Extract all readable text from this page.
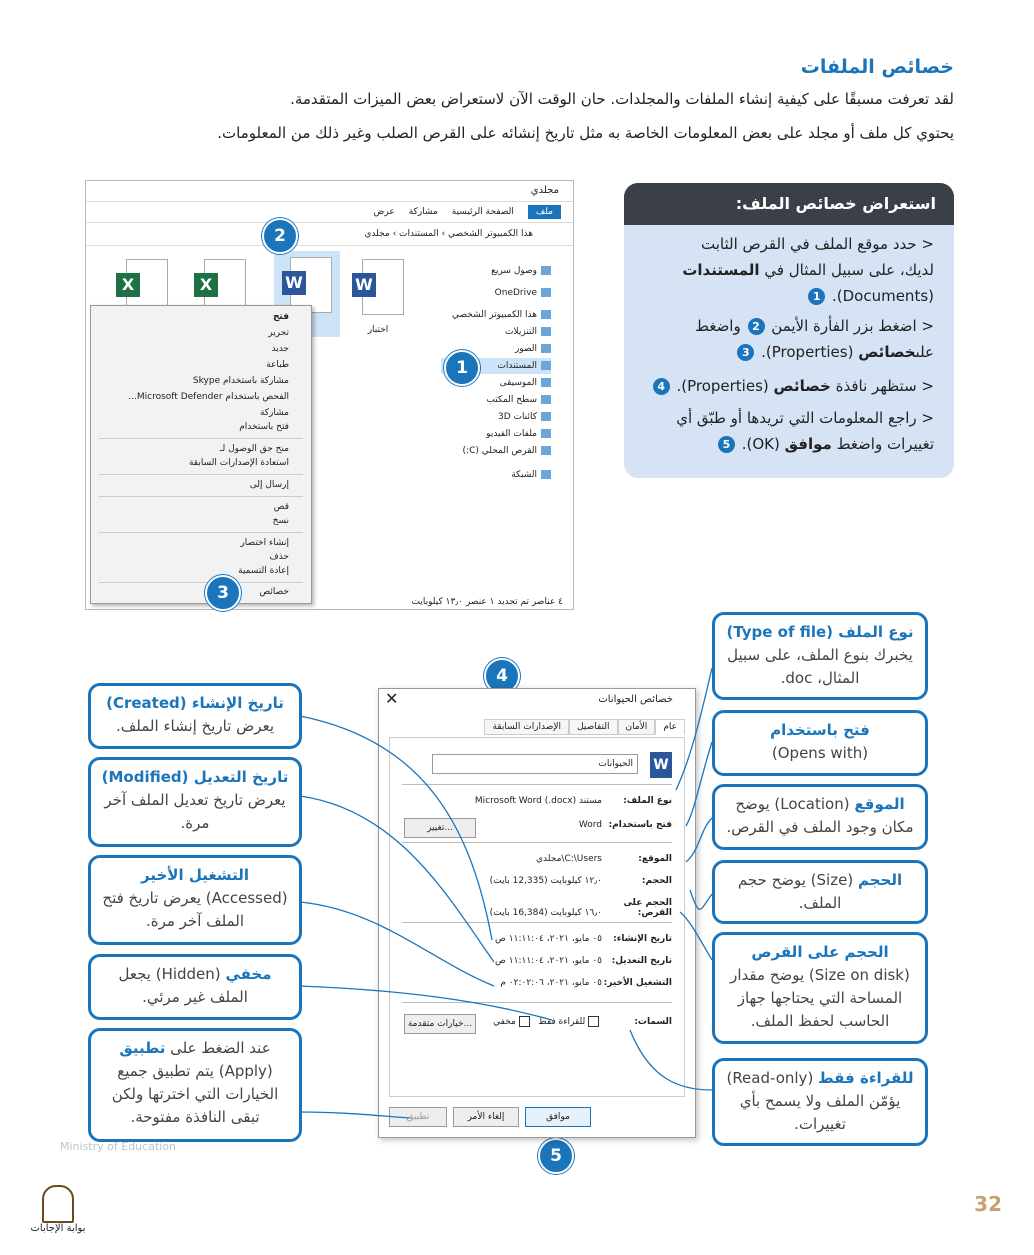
خصائص الملفات
لقد تعرفت مسبقًا على كيفية إنشاء الملفات والمجلدات. حان الوقت الآن لاستعراض بعض الميزات المتقدمة.
يحتوي كل ملف أو مجلد على بعض المعلومات الخاصة به مثل تاريخ إنشائه على القرص الصلب وغير ذلك من المعلومات.
استعراض خصائص الملف:
< حدد موقع الملف في القرص الثابت
لديك، على سبيل المثال في المستندات
(Documents). 1
< اضغط بزر الفأرة الأيمن 2 واضغط
علىخصائص (Properties). 3
< ستظهر نافذة خصائص (Properties). 4
< راجع المعلومات التي تريدها أو طبّق أي
تغييرات واضغط موافق (OK). 5
مجلدي
ملف
الصفحة الرئيسية
مشاركة
عرض
هذا الكمبيوتر الشخصي › المستندات › مجلدي
وصول سريع
OneDrive
هذا الكمبيوتر الشخصي
التنزيلات
الصور
المستندات
الموسيقى
سطح المكتب
كائنات 3D
ملفات الفيديو
القرص المحلي (C:)
الشبكة
W
اختبار
W
X
X
٤ عناصر تم تحديد ١ عنصر ١٣٫٠ كيلوبايت
فتح
تحرير
جديد
طباعة
مشاركة باستخدام Skype
الفحص باستخدام Microsoft Defender...
مشاركة
فتح باستخدام
منح حق الوصول لـ
استعادة الإصدارات السابقة
إرسال إلى
قص
نسخ
إنشاء اختصار
حذف
إعادة التسمية
خصائص
1
2
3
4
5
خصائص الحيوانات
✕
عام
الأمان
التفاصيل
الإصدارات السابقة
W
الحيوانات
نوع الملف:مستند Microsoft Word (.docx)
فتح باستخدام:Word
تغيير...
الموقع:C:\Users\مجلدي
الحجم:١٢٫٠ كيلوبايت (12,335 بايت)
الحجم على القرص:١٦٫٠ كيلوبايت (16,384 بايت)
تاريخ الإنشاء:٠٥ مايو، ٢٠٢١، ١١:١١:٠٤ ص
تاريخ التعديل:٠٥ مايو، ٢٠٢١، ١١:١١:٠٤ ص
التشغيل الأخير:٠٥ مايو، ٢٠٢١، ٠٢:٠٢:٠٦ م
السمات:  للقراءة فقط    مخفي
خيارات متقدمة...
موافق
إلغاء الأمر
تطبيق
نوع الملف (Type of file)
يخبرك بنوع الملف، على سبيل المثال، doc.
فتح باستخدام
(Opens with)
الموقع (Location) يوضح مكان وجود الملف في القرص.
الحجم (Size) يوضح حجم الملف.
الحجم على القرص
(Size on disk) يوضح مقدار المساحة التي يحتاجها جهاز الحاسب لحفظ الملف.
للقراءة فقط (Read-only) يؤمّن الملف ولا يسمح بأي تغييرات.
تاريخ الإنشاء (Created)
يعرض تاريخ إنشاء الملف.
تاريخ التعديل (Modified)
يعرض تاريخ تعديل الملف آخر مرة.
التشغيل الأخير
(Accessed) يعرض تاريخ فتح الملف آخر مرة.
مخفي (Hidden) يجعل الملف غير مرئي.
عند الضغط على تطبيق (Apply) يتم تطبيق جميع الخيارات التي اخترتها ولكن تبقى النافذة مفتوحة.
Ministry of Education
بوابة الإجابات
32
